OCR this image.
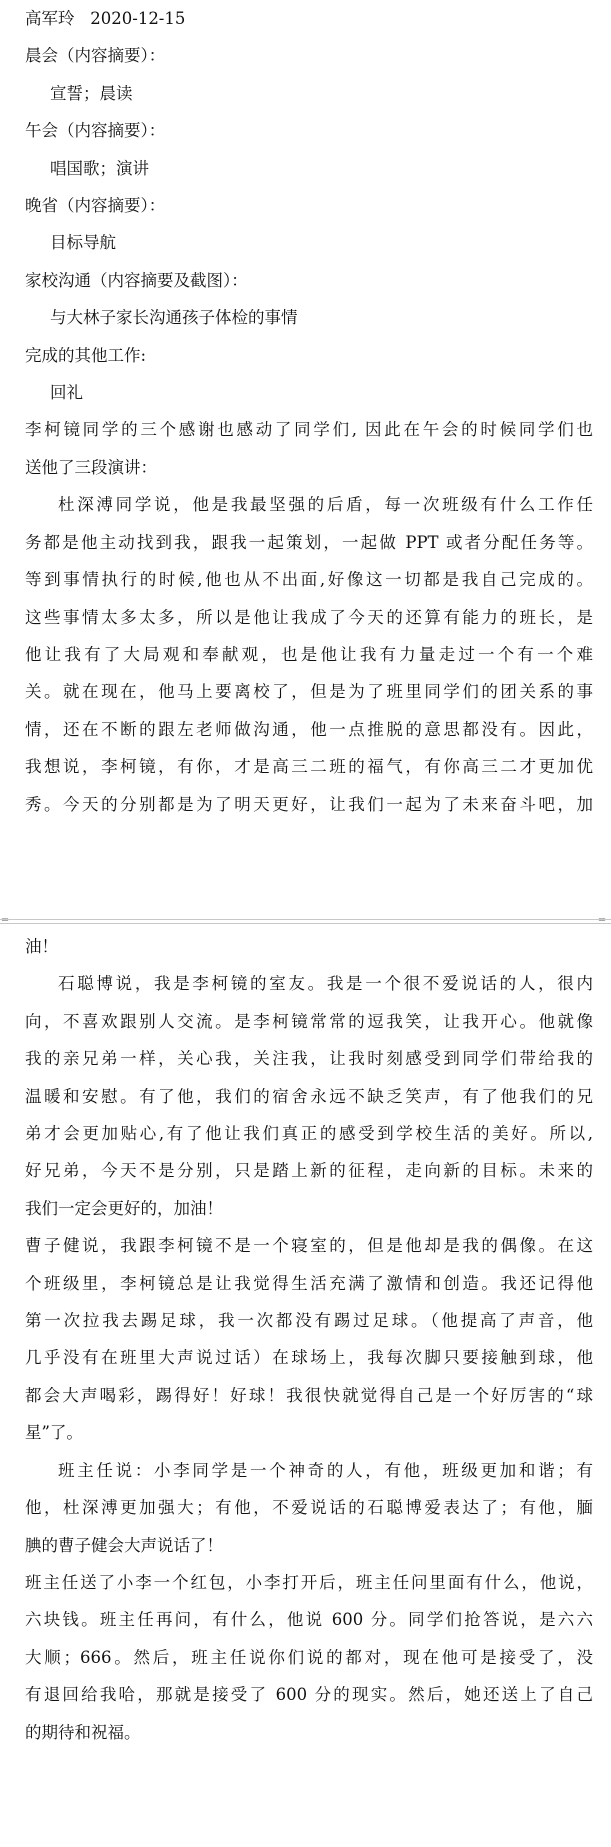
高军玲 2020-12-15

晨会（内容摘要）：

宣誓；晨读

午会（内容摘要）：

唱国歌；演讲

晚省（内容摘要）：

目标导航

家校沟通（内容摘要及截图）：

与大林子家长沟通孩子体检的事情

完成的其他工作:

回礼

李柯镜同学的三个感谢也感动了同学们, 因此在午会的时候同学们也

送他了三段演讲：

杜深溥同学说，他是我最坚强的后盾，每一次班级有什么工作任

务都是他主动找到我，跟我一起策划，一起做 PPT 或者分配任务等。

等到事情执行的时候,他也从不出面,好像这一切都是我自己完成的。

这些事情太多太多，所以是他让我成了今天的还算有能力的班长，是

他让我有了大局观和奉献观，也是他让我有力量走过一个有一个难

关。就在现在，他马上要离校了，但是为了班里同学们的团关系的事

情，还在不断的跟左老师做沟通，他一点推脱的意思都没有。因此，

我想说，李柯镜，有你，才是高三二班的福气，有你高三二才更加优

秀。今天的分别都是为了明天更好，让我们一起为了未来奋斗吧，加

═	═

油！

石聪博说，我是李柯镜的室友。我是一个很不爱说话的人，很内

向，不喜欢跟别人交流。是李柯镜常常的逗我笑，让我开心。他就像

我的亲兄弟一样，关心我，关注我，让我时刻感受到同学们带给我的

温暖和安慰。有了他，我们的宿舍永远不缺乏笑声，有了他我们的兄

弟才会更加贴心,有了他让我们真正的感受到学校生活的美好。所以,

好兄弟，今天不是分别，只是踏上新的征程，走向新的目标。未来的

我们一定会更好的，加油！

曹子健说，我跟李柯镜不是一个寝室的，但是他却是我的偶像。在这

个班级里，李柯镜总是让我觉得生活充满了激情和创造。我还记得他

第一次拉我去踢足球，我一次都没有踢过足球。（他提高了声音，他

几乎没有在班里大声说过话）在球场上，我每次脚只要接触到球，他

都会大声喝彩，踢得好！好球！我很快就觉得自己是一个好厉害的“球

星”了。

班主任说：小李同学是一个神奇的人，有他，班级更加和谐；有

他，杜深溥更加强大；有他，不爱说话的石聪博爱表达了；有他，腼

腆的曹子健会大声说话了！

班主任送了小李一个红包，小李打开后，班主任问里面有什么，他说，

六块钱。班主任再问，有什么，他说 600 分。同学们抢答说，是六六

大顺；666。然后，班主任说你们说的都对，现在他可是接受了，没

有退回给我哈，那就是接受了 600 分的现实。然后，她还送上了自己

的期待和祝福。
